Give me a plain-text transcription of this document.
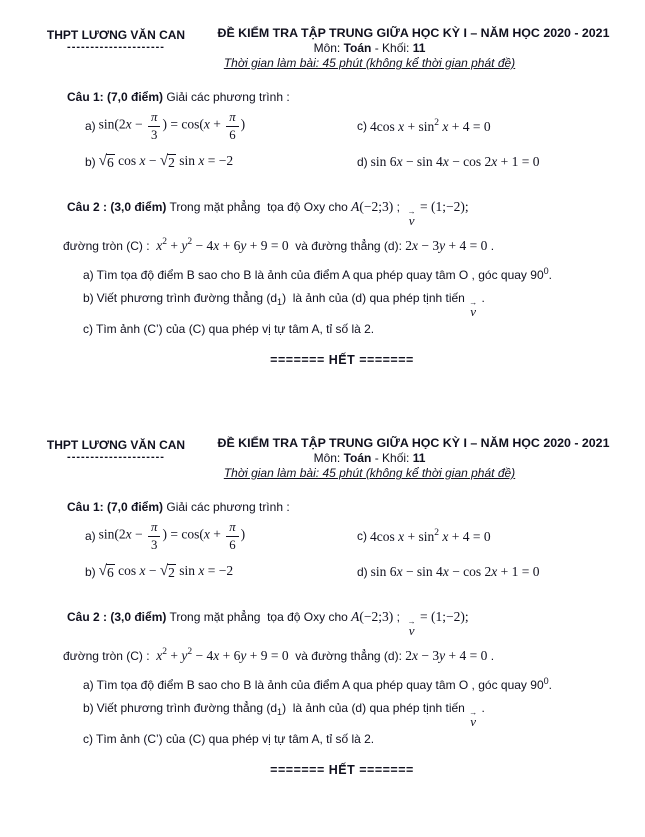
THPT LƯƠNG VĂN CAN
---------------------
ĐỀ KIỂM TRA TẬP TRUNG GIỮA HỌC KỲ I – NĂM HỌC 2020 - 2021
Môn: Toán - Khối: 11
Thời gian làm bài: 45 phút (không kể thời gian phát đề)
Câu 1: (7,0 điểm) Giải các phương trình :
a) $\sin(2x - \frac{\pi}{3}$ ) = $\cos(x + \frac{\pi}{6}$ )	c) 4cos $x + \sin^2 x + 4 = 0$
b) √ 6 cos x − √ 2 sin x = −2	d) sin 6x − sin 4x − cos 2x + 1 = 0
Câu 2 : (3,0 điểm) Trong mặt phẳng  tọa độ Oxy cho A(−2;3) ; →
v
= (1;−2);
đường tròn (C) :  $x^2 + y^2 - 4x + 6y + 9 = 0$  và đường thẳng (d): 2x − 3y + 4 = 0 .
a) Tìm tọa độ điểm B sao cho B là ảnh của điểm A qua phép quay tâm O , góc quay $90^0$.
b) Viết phương trình đường thẳng $(d_1)$  là ảnh của (d) qua phép tịnh tiến →
v
.
c) Tìm ảnh (C’) của (C) qua phép vị tự tâm A, tỉ số là 2.
======= HẾT =======
THPT LƯƠNG VĂN CAN
---------------------
ĐỀ KIỂM TRA TẬP TRUNG GIỮA HỌC KỲ I – NĂM HỌC 2020 - 2021
Môn: Toán - Khối: 11
Thời gian làm bài: 45 phút (không kể thời gian phát đề)
Câu 1: (7,0 điểm) Giải các phương trình :
a) $\sin(2x - \frac{\pi}{3}$ ) = $\cos(x + \frac{\pi}{6}$ )	c) 4cos $x + \sin^2 x + 4 = 0$
b) √ 6 cos x − √ 2 sin x = −2	d) sin 6x − sin 4x − cos 2x + 1 = 0
Câu 2 : (3,0 điểm) Trong mặt phẳng  tọa độ Oxy cho A(−2;3) ; →
v
= (1;−2);
đường tròn (C) :  $x^2 + y^2 - 4x + 6y + 9 = 0$  và đường thẳng (d): 2x − 3y + 4 = 0 .
a) Tìm tọa độ điểm B sao cho B là ảnh của điểm A qua phép quay tâm O , góc quay $90^0$.
b) Viết phương trình đường thẳng $(d_1)$  là ảnh của (d) qua phép tịnh tiến →
v
.
c) Tìm ảnh (C’) của (C) qua phép vị tự tâm A, tỉ số là 2.
======= HẾT =======
